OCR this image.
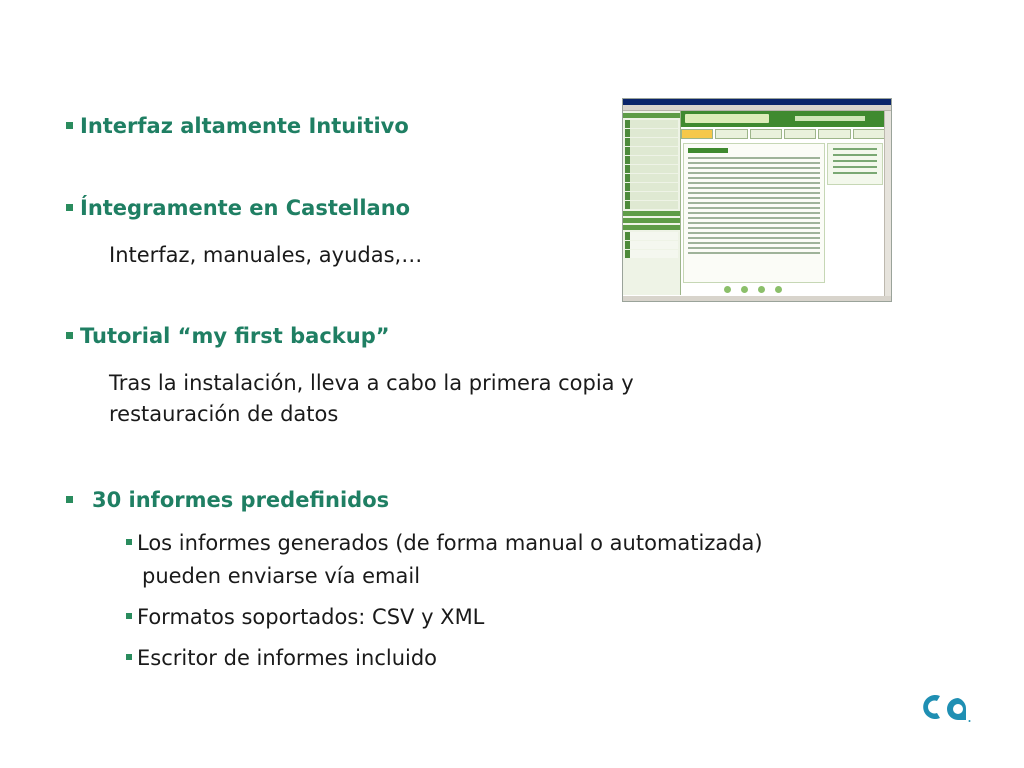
Interfaz altamente Intuitivo
Íntegramente en Castellano
Interfaz, manuales, ayudas,…
Tutorial “my first backup”
Tras la instalación, lleva a cabo la primera copia y
restauración de datos
30 informes predefinidos
Los informes generados (de forma manual o automatizada)
pueden enviarse vía email
Formatos soportados: CSV y XML
Escritor de informes incluido
